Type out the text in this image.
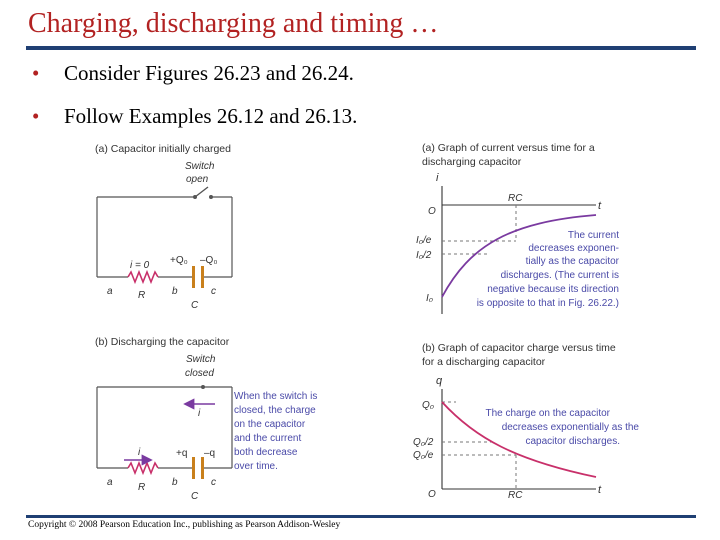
Charging, discharging and timing …
• Consider Figures 26.23 and 26.24.
• Follow Examples 26.12 and 26.13.
(a) Capacitor initially charged
Switch
open
i = 0 +Q₀ –Q₀
a	R	b
C
c
(b) Discharging the capacitor
Switch
closed
i
i	+q –q
a	R	b
C
c
When the switch is
closed, the charge
on the capacitor
and the current
both decrease
over time.
(a) Graph of current versus time for a
discharging capacitor
i
t
O
RC
I₀/e
I₀/2
I₀
The current
decreases exponen-
tially as the capacitor
discharges. (The current is
negative because its direction
is opposite to that in Fig. 26.22.)
(b) Graph of capacitor charge versus time
for a discharging capacitor
q
t
O	RC
Q₀
Q₀/2
Q₀/e
The charge on the capacitor
decreases exponentially as the
capacitor discharges.
Copyright © 2008 Pearson Education Inc., publishing as Pearson Addison-Wesley
